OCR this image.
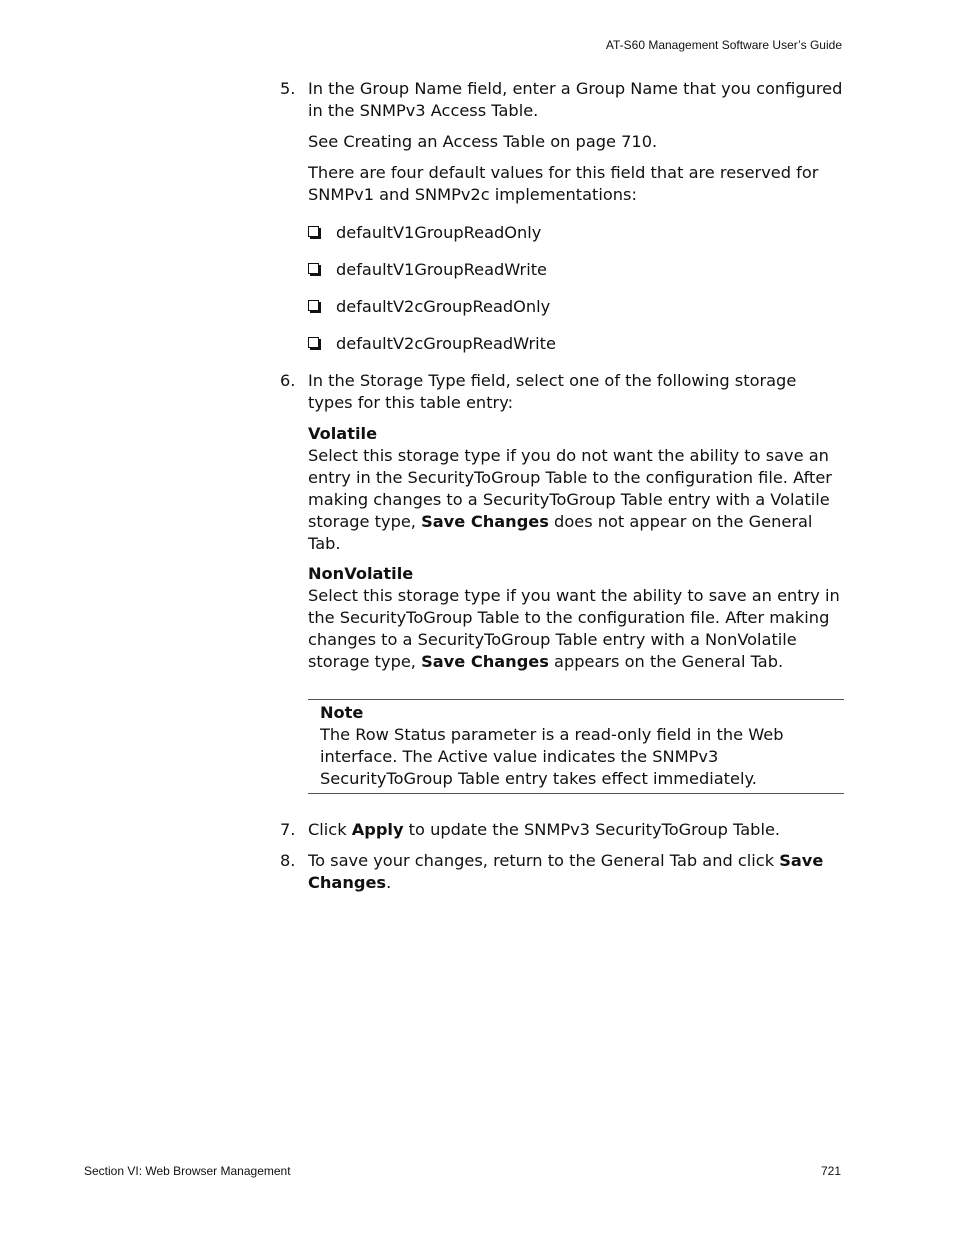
AT-S60 Management Software User’s Guide
5. In the Group Name field, enter a Group Name that you configured in the SNMPv3 Access Table.

See Creating an Access Table on page 710.

There are four default values for this field that are reserved for SNMPv1 and SNMPv2c implementations:

defaultV1GroupReadOnly
defaultV1GroupReadWrite
defaultV2cGroupReadOnly
defaultV2cGroupReadWrite
6. In the Storage Type field, select one of the following storage types for this table entry:

Volatile

Select this storage type if you do not want the ability to save an entry in the SecurityToGroup Table to the configuration file. After making changes to a SecurityToGroup Table entry with a Volatile storage type, Save Changes does not appear on the General Tab.

NonVolatile

Select this storage type if you want the ability to save an entry in the SecurityToGroup Table to the configuration file. After making changes to a SecurityToGroup Table entry with a NonVolatile storage type, Save Changes appears on the General Tab.

Note

The Row Status parameter is a read-only field in the Web interface. The Active value indicates the SNMPv3 SecurityToGroup Table entry takes effect immediately.

7. Click Apply to update the SNMPv3 SecurityToGroup Table.

8. To save your changes, return to the General Tab and click Save Changes.

Section VI: Web Browser Management	721
